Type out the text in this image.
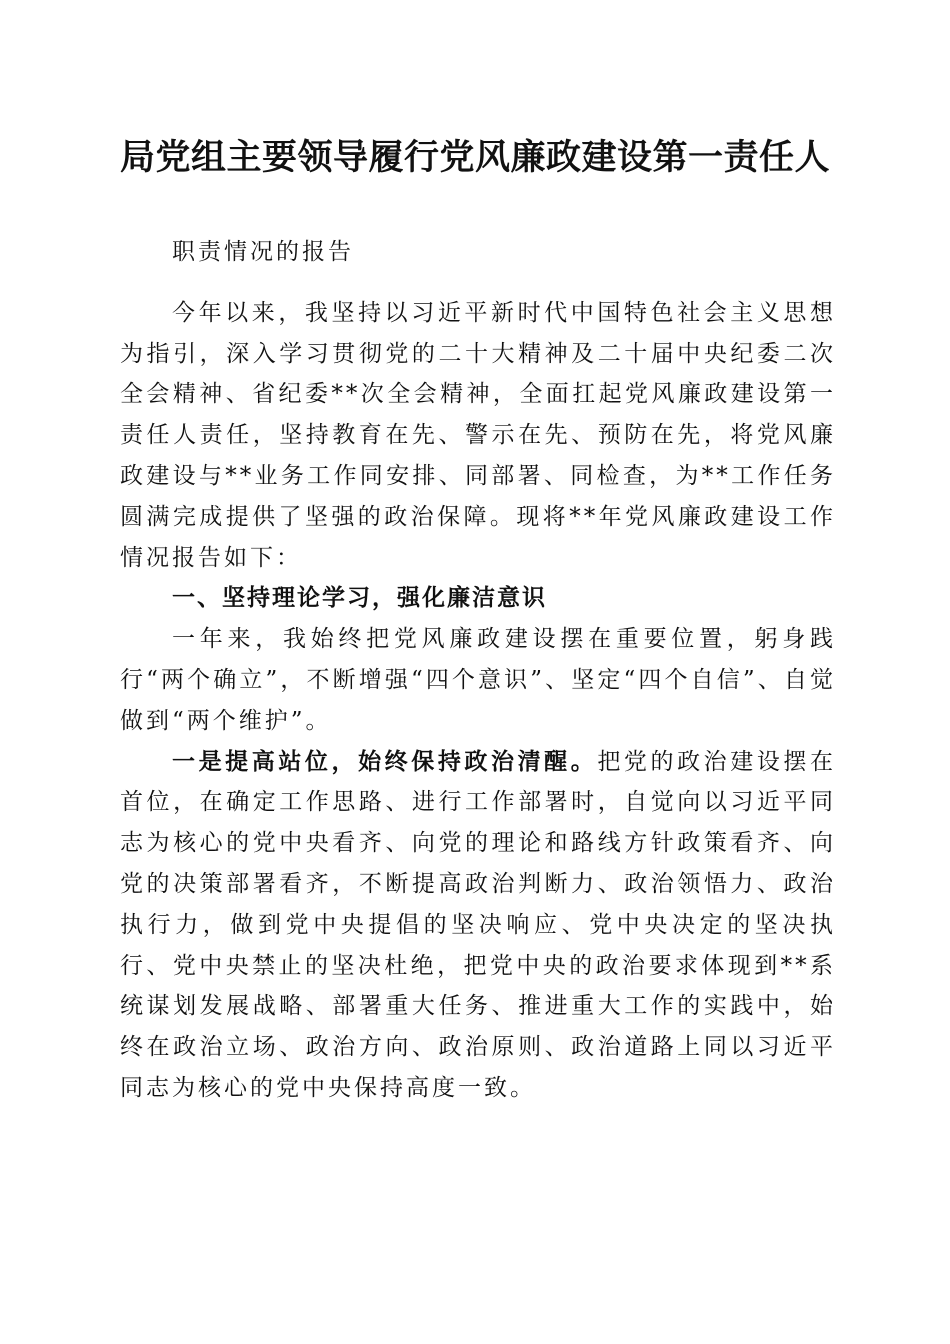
局党组主要领导履行党风廉政建设第一责任人

职责情况的报告

今年以来，我坚持以习近平新时代中国特色社会主义思想为指引，深入学习贯彻党的二十大精神及二十届中央纪委二次全会精神、省纪委**次全会精神，全面扛起党风廉政建设第一责任人责任，坚持教育在先、警示在先、预防在先，将党风廉政建设与**业务工作同安排、同部署、同检查，为**工作任务圆满完成提供了坚强的政治保障。现将**年党风廉政建设工作情况报告如下：

一、坚持理论学习，强化廉洁意识

一年来，我始终把党风廉政建设摆在重要位置，躬身践行“两个确立”，不断增强“四个意识”、坚定“四个自信”、自觉做到“两个维护”。

一是提高站位，始终保持政治清醒。把党的政治建设摆在首位，在确定工作思路、进行工作部署时，自觉向以习近平同志为核心的党中央看齐、向党的理论和路线方针政策看齐、向党的决策部署看齐，不断提高政治判断力、政治领悟力、政治执行力，做到党中央提倡的坚决响应、党中央决定的坚决执行、党中央禁止的坚决杜绝，把党中央的政治要求体现到**系统谋划发展战略、部署重大任务、推进重大工作的实践中，始终在政治立场、政治方向、政治原则、政治道路上同以习近平同志为核心的党中央保持高度一致。
